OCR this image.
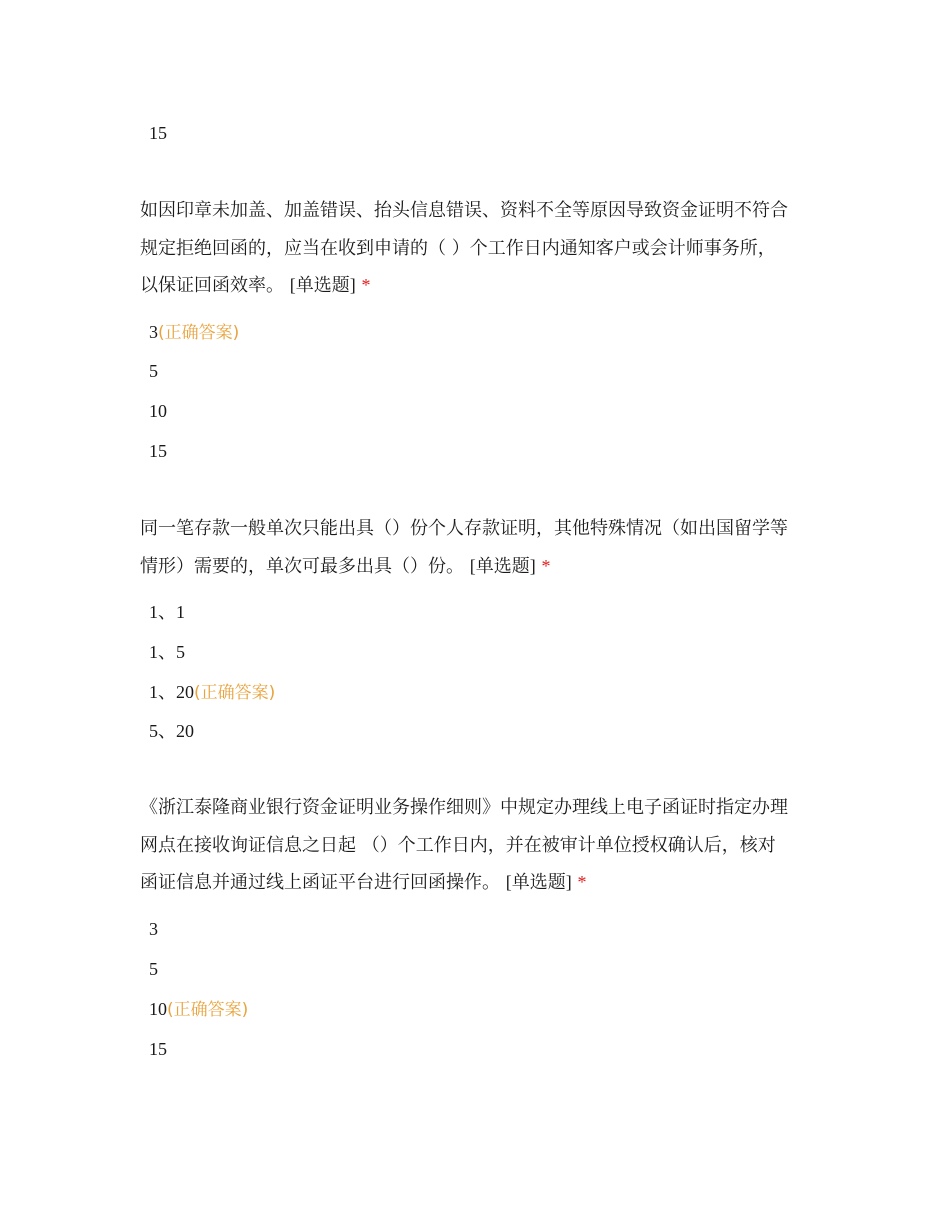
15
如因印章未加盖、加盖错误、抬头信息错误、资料不全等原因导致资金证明不符合
规定拒绝回函的，应当在收到申请的（ ）个工作日内通知客户或会计师事务所，
以保证回函效率。 [单选题] *
3(正确答案)
5
10
15
同一笔存款一般单次只能出具（）份个人存款证明，其他特殊情况（如出国留学等
情形）需要的，单次可最多出具（）份。 [单选题] *
1、1
1、5
1、20(正确答案)
5、20
《浙江泰隆商业银行资金证明业务操作细则》中规定办理线上电子函证时指定办理
网点在接收询证信息之日起 （）个工作日内，并在被审计单位授权确认后，核对
函证信息并通过线上函证平台进行回函操作。 [单选题] *
3
5
10(正确答案)
15
